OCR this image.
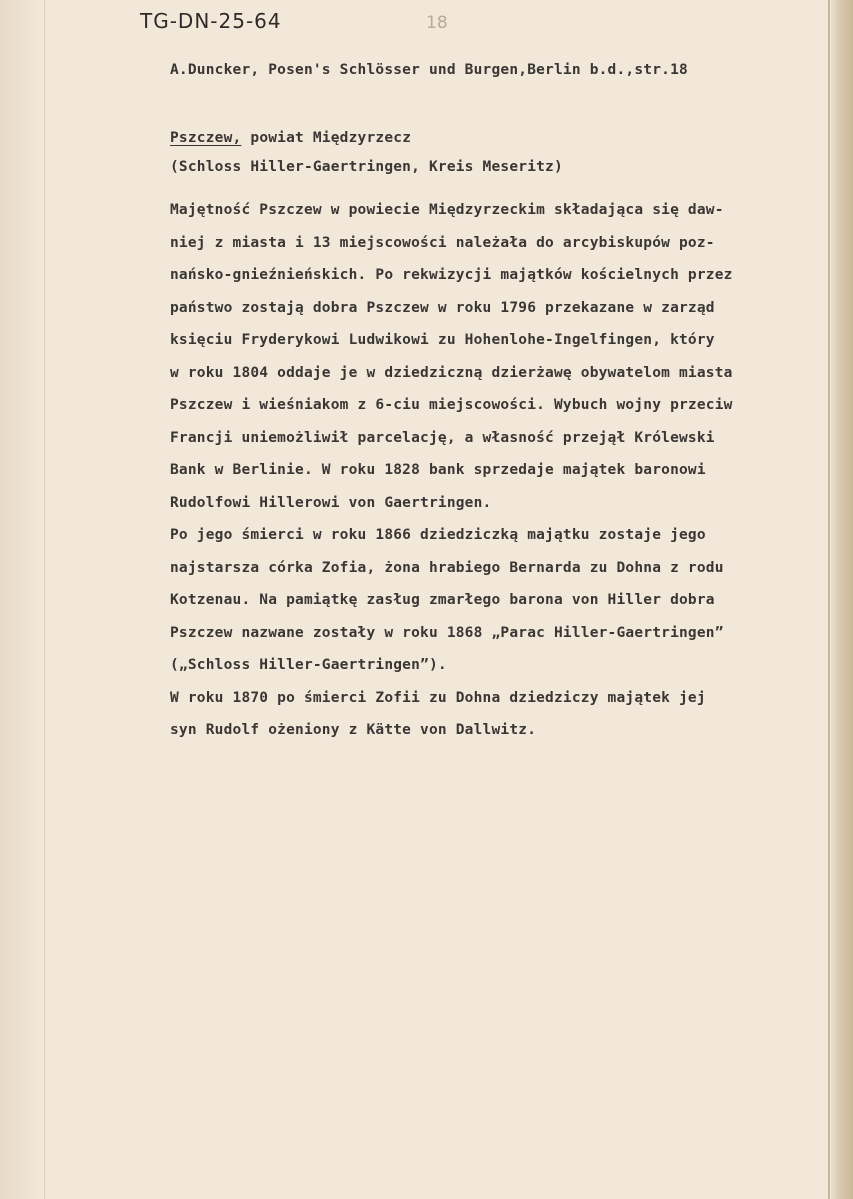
TG-DN-25-64	18
A.Duncker, Posen's Schlösser und Burgen,Berlin b.d.,str.18
Pszczew, powiat Międzyrzecz
(Schloss Hiller-Gaertringen, Kreis Meseritz)
Majętność Pszczew w powiecie Międzyrzeckim składająca się daw-
niej z miasta i 13 miejscowości należała do arcybiskupów poz-
nańsko-gnieźnieńskich. Po rekwizycji majątków kościelnych przez
państwo zostają dobra Pszczew w roku 1796 przekazane w zarząd
księciu Fryderykowi Ludwikowi zu Hohenlohe-Ingelfingen, który
w roku 1804 oddaje je w dziedziczną dzierżawę obywatelom miasta
Pszczew i wieśniakom z 6-ciu miejscowości. Wybuch wojny przeciw
Francji uniemożliwił parcelację, a własność przejął Królewski
Bank w Berlinie. W roku 1828 bank sprzedaje majątek baronowi
Rudolfowi Hillerowi von Gaertringen.
Po jego śmierci w roku 1866 dziedziczką majątku zostaje jego
najstarsza córka Zofia, żona hrabiego Bernarda zu Dohna z rodu
Kotzenau. Na pamiątkę zasług zmarłego barona von Hiller dobra
Pszczew nazwane zostały w roku 1868 „Parac Hiller-Gaertringen”
(„Schloss Hiller-Gaertringen”).
W roku 1870 po śmierci Zofii zu Dohna dziedziczy majątek jej
syn Rudolf ożeniony z Kätte von Dallwitz.
